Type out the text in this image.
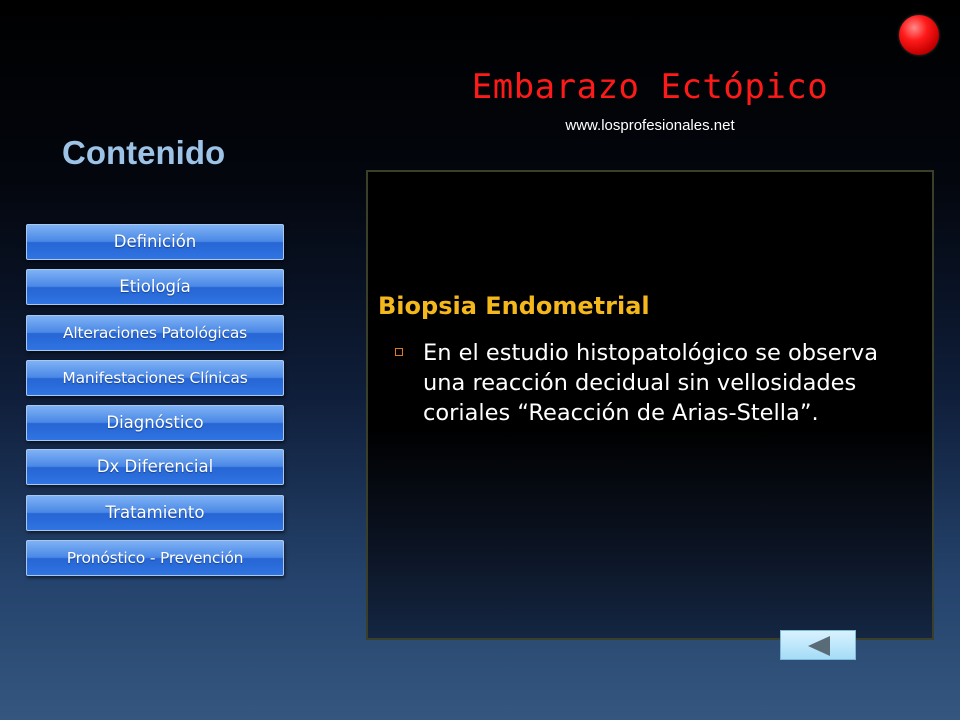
Embarazo Ectópico
www.losprofesionales.net
Contenido
Definición
Etiología
Alteraciones Patológicas
Manifestaciones Clínicas
Diagnóstico
Dx Diferencial
Tratamiento
Pronóstico - Prevención
Biopsia Endometrial
En el estudio histopatológico se observa una reacción decidual sin vellosidades coriales “Reacción de Arias-Stella”.
